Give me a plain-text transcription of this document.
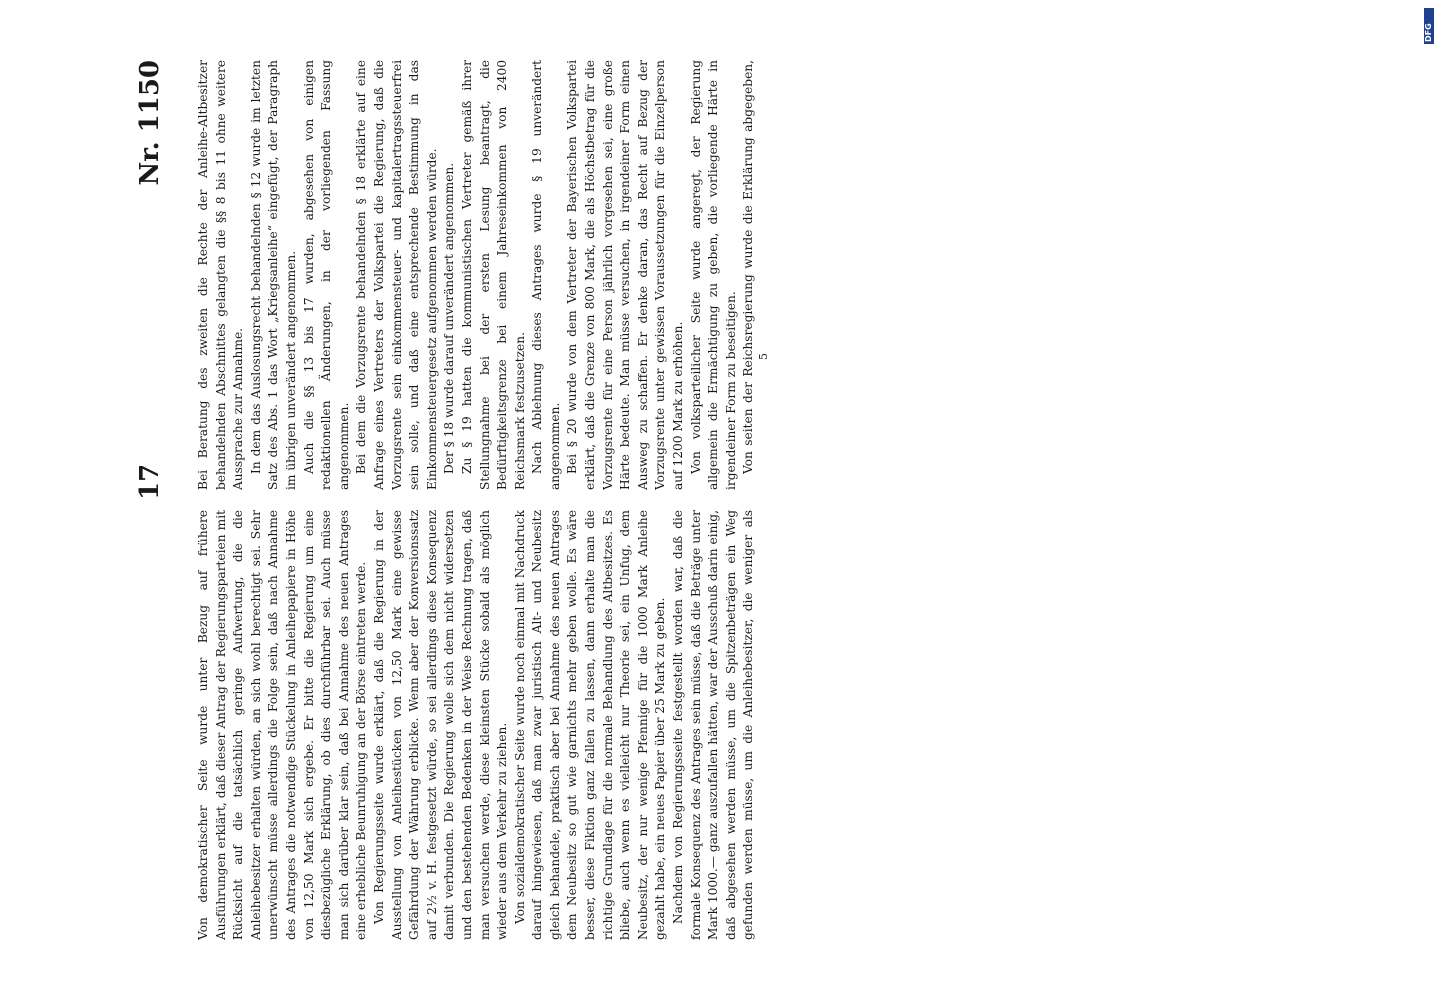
17
Nr. 1150

Von demokratischer Seite wurde unter Bezug auf frühere Ausführungen erklärt, daß dieser Antrag der Regierungsparteien mit Rücksicht auf die tatsächlich geringe Aufwertung, die die Anleihebesitzer erhalten würden, an sich wohl berechtigt sei. Sehr unerwünscht müsse allerdings die Folge sein, daß nach Annahme des Antrages die notwendige Stückelung in Anleihepapiere in Höhe von 12,50 Mark sich ergebe. Er bitte die Regierung um eine diesbezügliche Erklärung, ob dies durchführbar sei. Auch müsse man sich darüber klar sein, daß bei Annahme des neuen Antrages eine erhebliche Beunruhigung an der Börse eintreten werde. Von Regierungsseite wurde erklärt, daß die Regierung in der Ausstellung von Anleihestücken von 12,50 Mark eine gewisse Gefährdung der Währung erblicke. Wenn aber der Konversionssatz auf 2½ v. H. festgesetzt würde, so sei allerdings diese Konsequenz damit verbunden. Die Regierung wolle sich dem nicht widersetzen und den bestehenden Bedenken in der Weise Rechnung tragen, daß man versuchen werde, diese kleinsten Stücke sobald als möglich wieder aus dem Verkehr zu ziehen. Von sozialdemokratischer Seite wurde noch einmal mit Nachdruck darauf hingewiesen, daß man zwar juristisch Alt- und Neubesitz gleich behandele, praktisch aber bei Annahme des neuen Antrages dem Neubesitz so gut wie garnichts mehr geben wolle. Es wäre besser, diese Fiktion ganz fallen zu lassen, dann erhalte man die richtige Grundlage für die normale Behandlung des Altbesitzes. Es bliebe, auch wenn es vielleicht nur Theorie sei, ein Unfug, dem Neubesitz, der nur wenige Pfennige für die 1000 Mark Anleihe gezahlt habe, ein neues Papier über 25 Mark zu geben. Nachdem von Regierungsseite festgestellt worden war, daß die formale Konsequenz des Antrages sein müsse, daß die Beträge unter Mark 1000.— ganz auszufallen hätten, war der Ausschuß darin einig, daß abgesehen werden müsse, um die Spitzenbeträgen ein Weg gefunden werden müsse, um die Anleihebesitzer, die weniger als

Bei Beratung des zweiten die Rechte der Anleihe-Altbesitzer behandelnden Abschnittes gelangten die §§ 8 bis 11 ohne weitere Aussprache zur Annahme. In dem das Auslosungsrecht behandelnden § 12 wurde im letzten Satz des Abs. 1 das Wort „Kriegsanleihe“ eingefügt, der Paragraph im übrigen unverändert angenommen. Auch die §§ 13 bis 17 wurden, abgesehen von einigen redaktionellen Änderungen, in der vorliegenden Fassung angenommen. Bei dem die Vorzugsrente behandelnden § 18 erklärte auf eine Anfrage eines Vertreters der Volkspartei die Regierung, daß die Vorzugsrente sein einkommensteuer- und kapitalertragssteuerfrei sein solle, und daß eine entsprechende Bestimmung in das Einkommensteuergesetz aufgenommen werden würde. Der § 18 wurde darauf unverändert angenommen. Zu § 19 hatten die kommunistischen Vertreter gemäß ihrer Stellungnahme bei der ersten Lesung beantragt, die Bedürftigkeitsgrenze bei einem Jahreseinkommen von 2400 Reichsmark festzusetzen. Nach Ablehnung dieses Antrages wurde § 19 unverändert angenommen. Bei § 20 wurde von dem Vertreter der Bayerischen Volkspartei erklärt, daß die Grenze von 800 Mark, die als Höchstbetrag für die Vorzugsrente für eine Person jährlich vorgesehen sei, eine große Härte bedeute. Man müsse versuchen, in irgendeiner Form einen Ausweg zu schaffen. Er denke daran, das Recht auf Bezug der Vorzugsrente unter gewissen Voraussetzungen für die Einzelperson auf 1200 Mark zu erhöhen. Von volksparteilicher Seite wurde angeregt, der Regierung allgemein die Ermächtigung zu geben, die vorliegende Härte in irgendeiner Form zu beseitigen. Von seiten der Reichsregierung wurde die Erklärung abgegeben,

5
DFG
